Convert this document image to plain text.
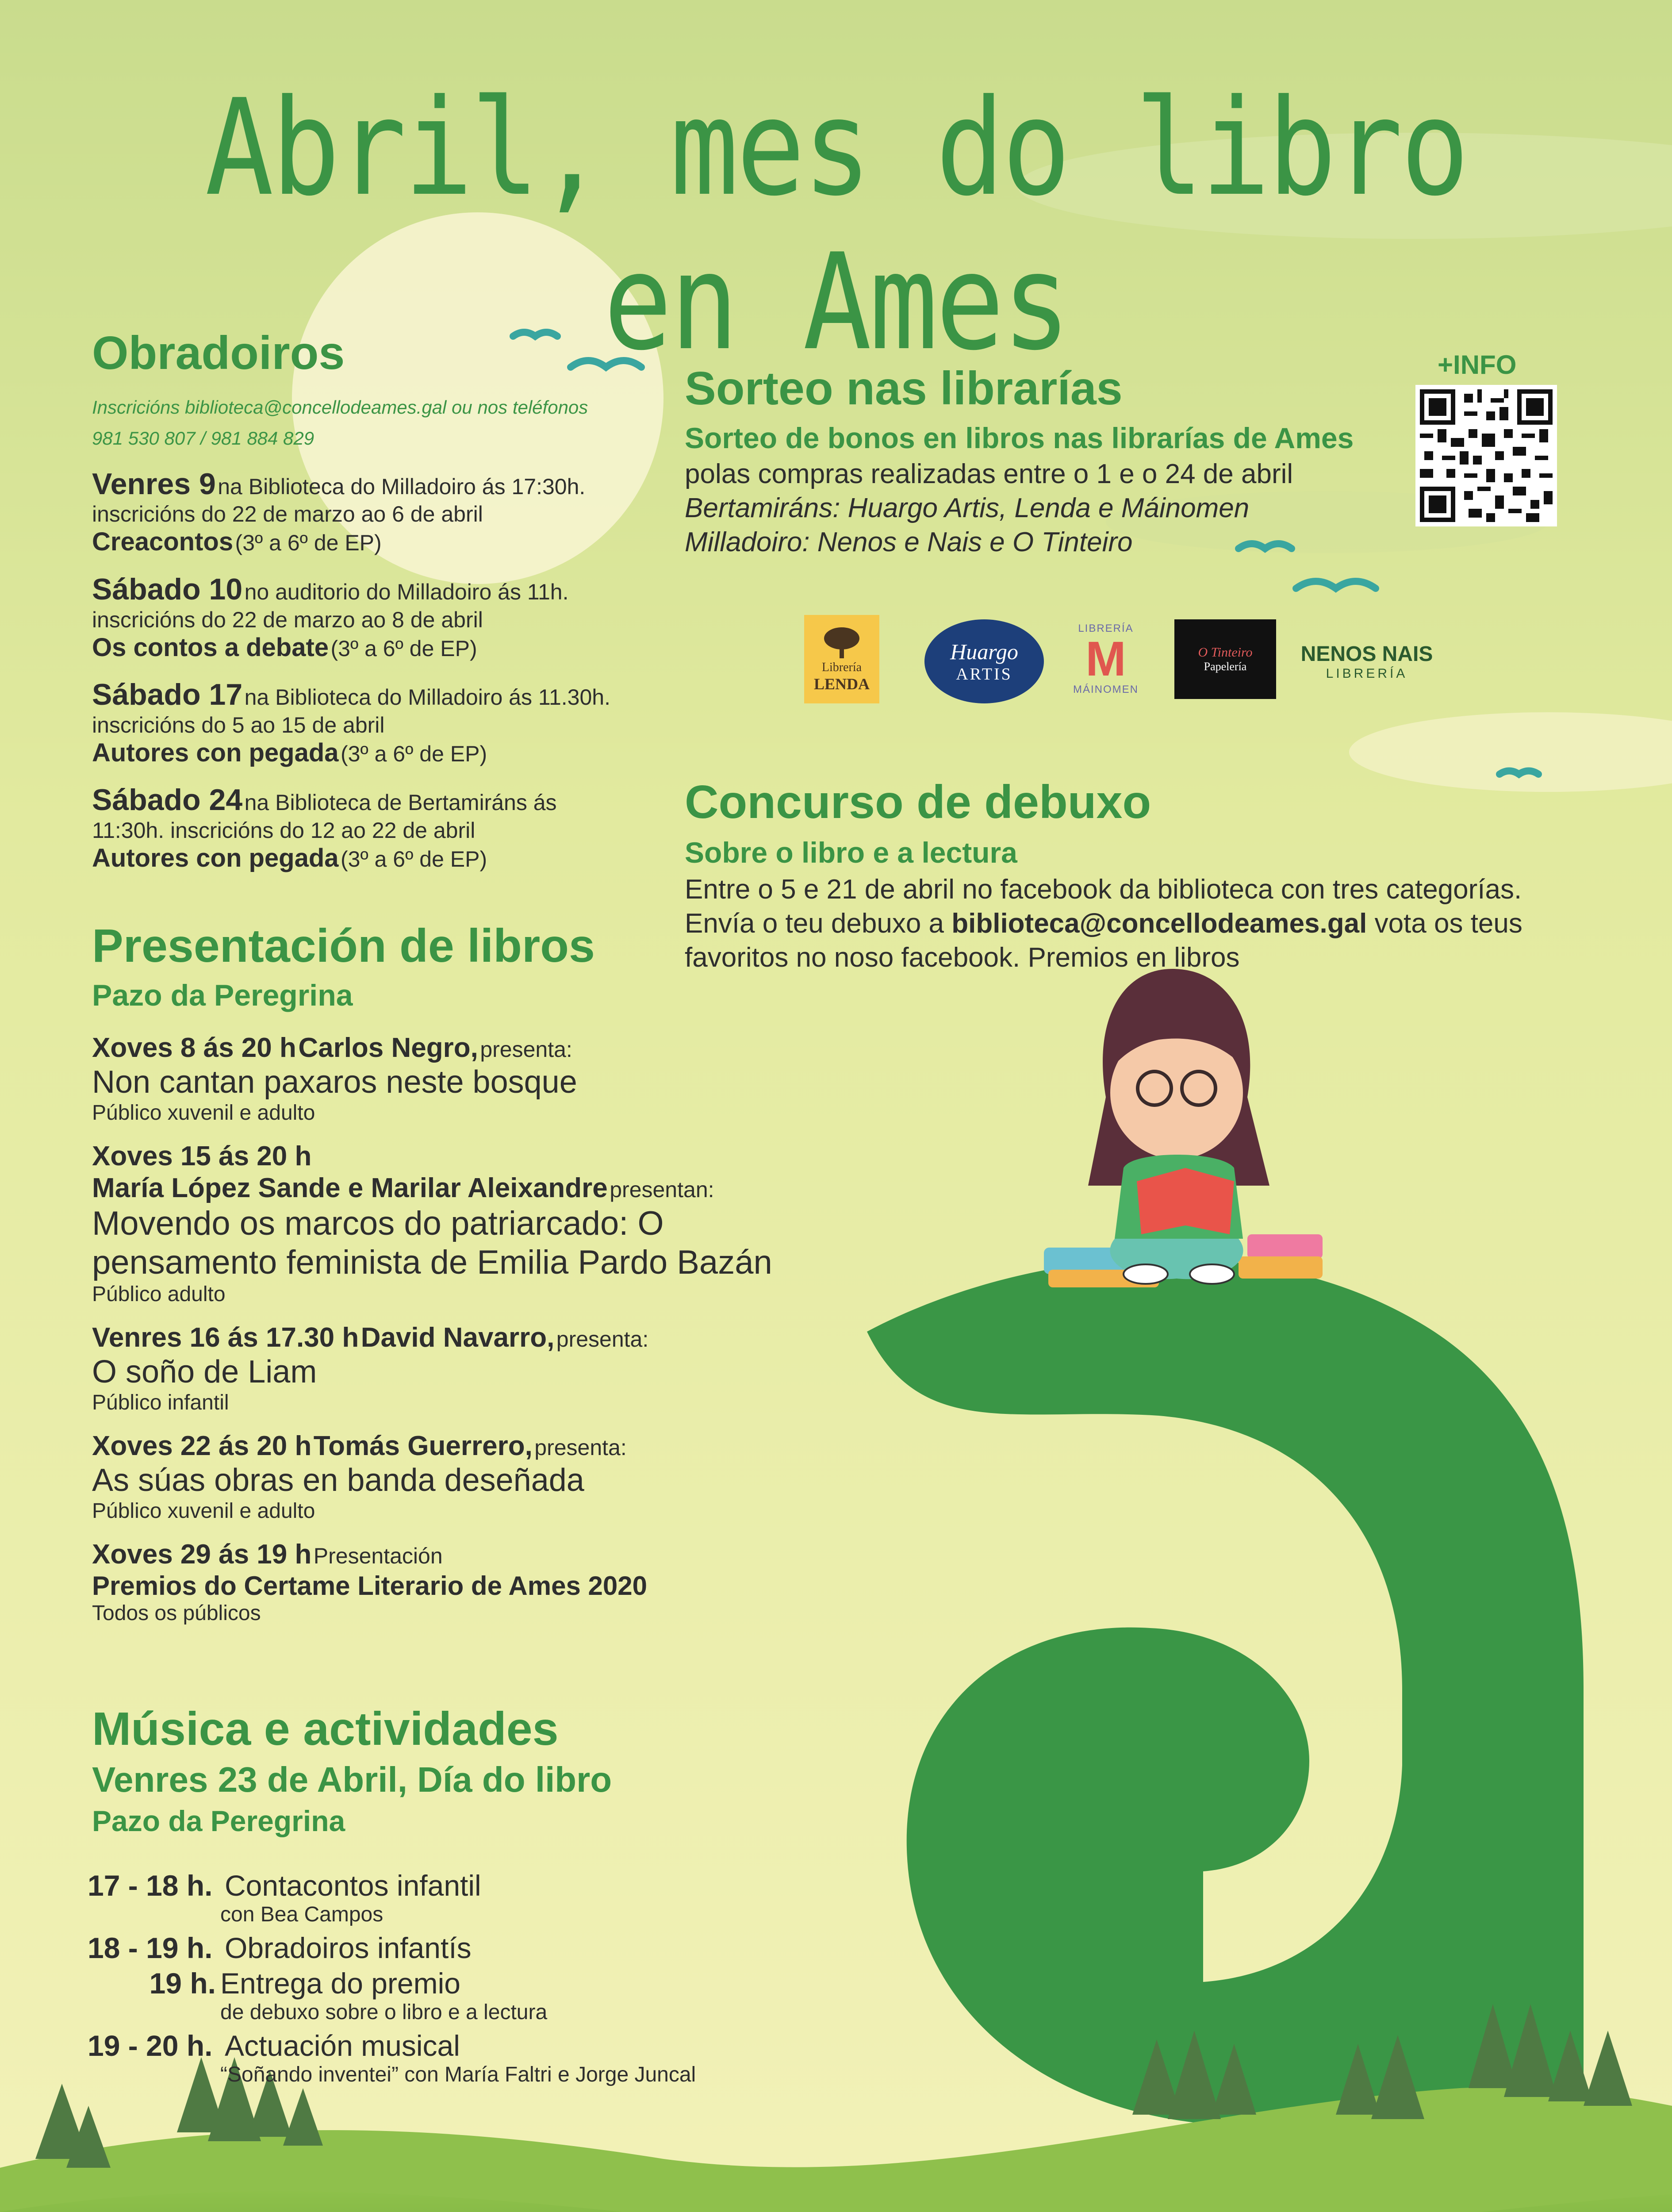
Abril, mes do libro en Ames
Obradoiros
Inscricións biblioteca@concellodeames.gal ou nos teléfonos
981 530 807 / 981 884 829
Venres 9 na Biblioteca do Milladoiro ás 17:30h.
inscricións do 22 de marzo ao 6 de abril
Creacontos (3º a 6º de EP)
Sábado 10 no auditorio do Milladoiro ás 11h.
inscricións do 22 de marzo ao 8 de abril
Os contos a debate (3º a 6º de EP)
Sábado 17 na Biblioteca do Milladoiro ás 11.30h.
inscricións do 5 ao 15 de abril
Autores con pegada (3º a 6º de EP)
Sábado 24 na Biblioteca de Bertamiráns ás
11:30h. inscricións do 12 ao 22 de abril
Autores con pegada (3º a 6º de EP)
Presentación de libros
Pazo da Peregrina
Xoves 8 ás 20 h Carlos Negro, presenta:
Non cantan paxaros neste bosque
Público xuvenil e adulto
Xoves 15 ás 20 h
María López Sande e Marilar Aleixandre presentan:
Movendo os marcos do patriarcado: O
pensamento feminista de Emilia Pardo Bazán
Público adulto
Venres 16 ás 17.30 h David Navarro, presenta:
O soño de Liam
Público infantil
Xoves 22 ás 20 h Tomás Guerrero, presenta:
As súas obras en banda deseñada
Público xuvenil e adulto
Xoves 29 ás 19 h Presentación
Premios do Certame Literario de Ames 2020
Todos os públicos
Música e actividades
Venres 23 de Abril, Día do libro
Pazo da Peregrina
17 - 18 h. Contacontos infantil
con Bea Campos
18 - 19 h. Obradoiros infantís
19 h. Entrega do premio
de debuxo sobre o libro e a lectura
19 - 20 h. Actuación musical
“Soñando inventei” con María Faltri e Jorge Juncal
Sorteo nas librarías
Sorteo de bonos en libros nas librarías de Ames
polas compras realizadas entre o 1 e o 24 de abril
Bertamiráns: Huargo Artis, Lenda e Máinomen
Milladoiro: Nenos e Nais e O Tinteiro
+INFO
Librería
LENDA
Huargo
ARTIS
LIBRERÍA
M
MÁINOMEN
O Tinteiro
Papelería
NENOS NAIS
LIBRERÍA
Concurso de debuxo
Sobre o libro e a lectura
Entre o 5 e 21 de abril no facebook da biblioteca con tres categorías.
Envía o teu debuxo a biblioteca@concellodeames.gal vota os teus
favoritos no noso facebook. Premios en libros
